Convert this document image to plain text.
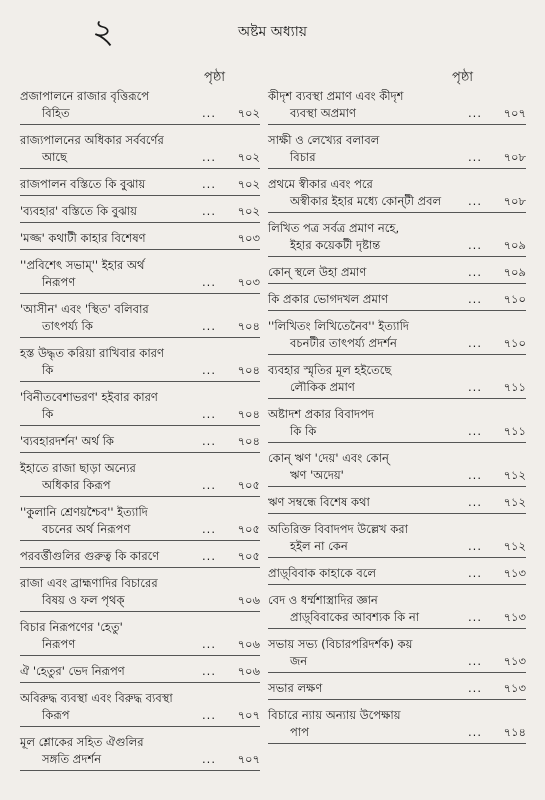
২	অষ্টম অধ্যায়
পৃষ্ঠা	পৃষ্ঠা
প্রজাপালনে রাজার বৃত্তিরূপে
বিহিত	... ৭০২
রাজ্যপালনের অধিকার সর্ববর্ণের
আছে	... ৭০২
রাজপালন বস্তিতে কি বুঝায়	... ৭০২
'ব্যবহার' বস্তিতে কি বুঝায়	... ৭০২
'মজ্জ' কথাটী কাহার বিশেষণ	৭০৩
''প্রবিশেৎ সভাম্'' ইহার অর্থ
নিরূপণ	... ৭০৩
'আসীন' এবং 'স্থিত' বলিবার
তাৎপর্য্য কি	... ৭০৪
হস্ত উদ্ধৃত করিয়া রাখিবার কারণ
কি	... ৭০৪
'বিনীতবেশাভরণ' হইবার কারণ
কি	... ৭০৪
'ব্যবহারদর্শন' অর্থ কি	... ৭০৪
ইহাতে রাজা ছাড়া অন্যের
অধিকার কিরূপ	... ৭০৫
''কুলানি শ্রেণয়শ্চৈব'' ইত্যাদি
বচনের অর্থ নিরূপণ	... ৭০৫
পরবর্ত্তীগুলির গুরুত্ব কি কারণে	... ৭০৫
রাজা এবং ব্রাহ্মণাদির বিচারের
বিষয় ও ফল পৃথক্	৭০৬
বিচার নিরূপণের 'হেতু'
নিরূপণ	... ৭০৬
ঐ 'হেতুর' ভেদ নিরূপণ	... ৭০৬
অবিরুদ্ধ ব্যবস্থা এবং বিরুদ্ধ ব্যবস্থা
কিরূপ	... ৭০৭
মূল শ্লোকের সহিত ঐগুলির
সঙ্গতি প্রদর্শন	... ৭০৭
কীদৃশ ব্যবস্থা প্রমাণ এবং কীদৃশ
ব্যবস্থা অপ্রমাণ	... ৭০৭
সাক্ষী ও লেখ্যের বলাবল
বিচার	... ৭০৮
প্রথমে স্বীকার এবং পরে
অস্বীকার ইহার মধ্যে কোন্‌টী প্রবল	... ৭০৮
লিখিত পত্র সর্বত্র প্রমাণ নহে,
ইহার কয়েকটী দৃষ্টান্ত	... ৭০৯
কোন্ স্থলে উহা প্রমাণ	... ৭০৯
কি প্রকার ভোগদখল প্রমাণ	... ৭১০
''লিখিতং লিখিতেনৈব'' ইত্যাদি
বচনটীর তাৎপর্য্য প্রদর্শন	... ৭১০
ব্যবহার স্মৃতির মূল হইতেছে
লৌকিক প্রমাণ	... ৭১১
অষ্টাদশ প্রকার বিবাদপদ
কি কি	... ৭১১
কোন্ ঋণ 'দেয়' এবং কোন্
ঋণ 'অদেয়'	... ৭১২
ঋণ সম্বন্ধে বিশেষ কথা	... ৭১২
অতিরিক্ত বিবাদপদ উল্লেখ করা
হইল না কেন	... ৭১২
প্রাড়্‌বিবাক কাহাকে বলে	... ৭১৩
বেদ ও ধর্ম্মশাস্ত্রাদির জ্ঞান
প্রাড়্‌বিবাকের আবশ্যক কি না	... ৭১৩
সভায় সভ্য (বিচারপরিদর্শক) কয়
জন	... ৭১৩
সভার লক্ষণ	... ৭১৩
বিচারে ন্যায় অন্যায় উপেক্ষায়
পাপ	... ৭১৪
